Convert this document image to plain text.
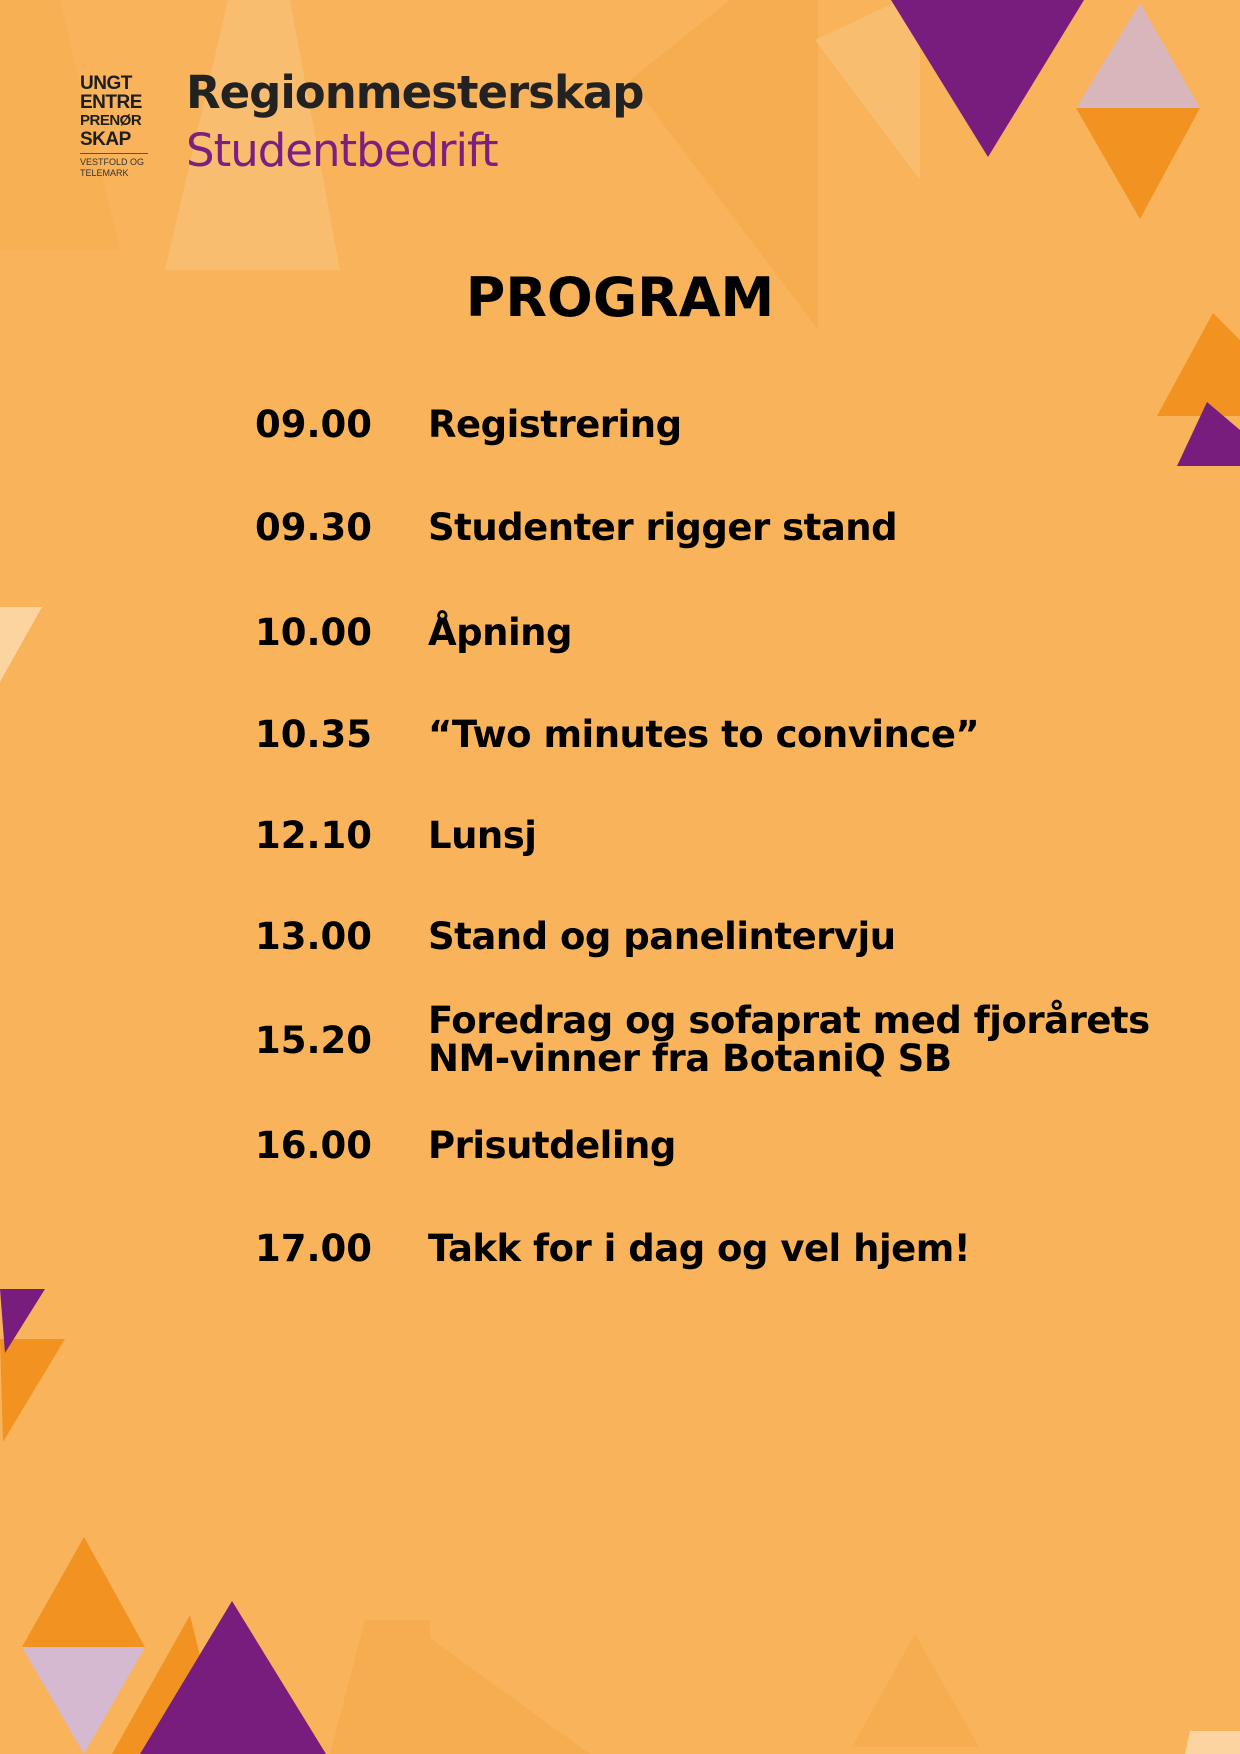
UNGT
ENTRE
PRENØR
SKAP
VESTFOLD OG
TELEMARK
Regionmesterskap
Studentbedrift
PROGRAM
09.00	Registrering
09.30	Studenter rigger stand
10.00	Åpning
10.35	“Two minutes to convince”
12.10	Lunsj
13.00	Stand og panelintervju
15.20	Foredrag og sofaprat med fjorårets NM-vinner fra BotaniQ SB
16.00	Prisutdeling
17.00	Takk for i dag og vel hjem!
